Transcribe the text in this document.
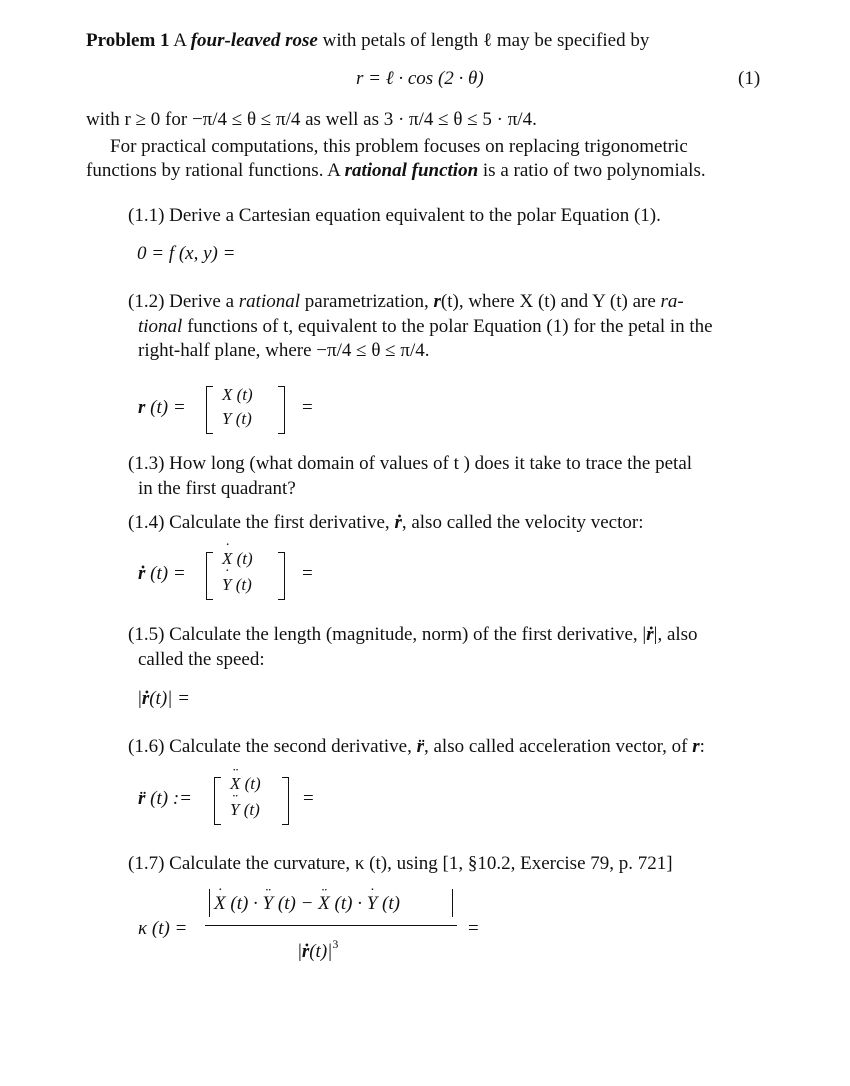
Problem 1 A four-leaved rose with petals of length ℓ may be specified by
r = ℓ · cos (2 · θ)	(1)
with r ≥ 0 for −π/4 ≤ θ ≤ π/4 as well as 3 · π/4 ≤ θ ≤ 5 · π/4.
For practical computations, this problem focuses on replacing trigonometric
functions by rational functions. A rational function is a ratio of two polynomials.
(1.1) Derive a Cartesian equation equivalent to the polar Equation (1).
0 = f (x, y) =
(1.2) Derive a rational parametrization, r(t), where X (t) and Y (t) are ra-
tional functions of t, equivalent to the polar Equation (1) for the petal in the
right-half plane, where −π/4 ≤ θ ≤ π/4.
r (t) =
X (t)
Y (t)
=
(1.3) How long (what domain of values of t ) does it take to trace the petal
in the first quadrant?
(1.4) Calculate the first derivative, ṙ, also called the velocity vector:
ṙ (t) =
˙ X (t)
˙ Y (t)
=
(1.5) Calculate the length (magnitude, norm) of the first derivative, |ṙ|, also
called the speed:
|ṙ(t)| =
(1.6) Calculate the second derivative, r̈, also called acceleration vector, of r:
r̈ (t) :=
¨ X (t)
¨ Y (t)
=
(1.7) Calculate the curvature, κ (t), using [1, §10.2, Exercise 79, p. 721]
κ (t) =
˙ X (t) · ¨ Y (t) − ¨ X (t) · ˙ Y (t)
$|ṙ(t)|^3$
=
